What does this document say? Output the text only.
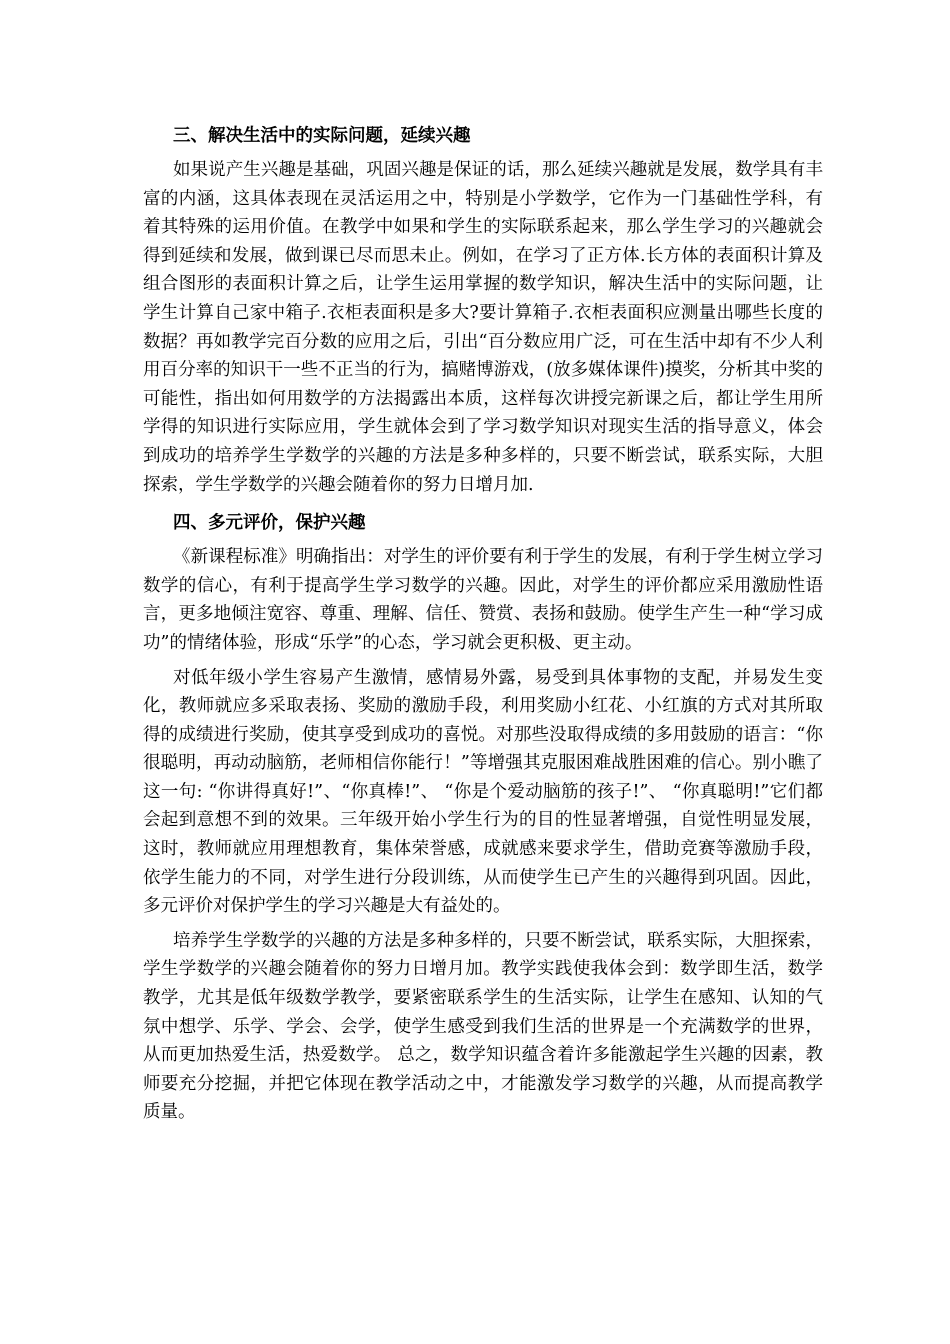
三、解决生活中的实际问题，延续兴趣

如果说产生兴趣是基础，巩固兴趣是保证的话，那么延续兴趣就是发展，数学具有丰富的内涵，这具体表现在灵活运用之中，特别是小学数学，它作为一门基础性学科，有着其特殊的运用价值。在教学中如果和学生的实际联系起来，那么学生学习的兴趣就会得到延续和发展，做到课已尽而思未止。例如，在学习了正方体.长方体的表面积计算及组合图形的表面积计算之后，让学生运用掌握的数学知识，解决生活中的实际问题，让学生计算自己家中箱子.衣柜表面积是多大?要计算箱子.衣柜表面积应测量出哪些长度的数据？再如教学完百分数的应用之后，引出“百分数应用广泛，可在生活中却有不少人利用百分率的知识干一些不正当的行为，搞赌博游戏，(放多媒体课件)摸奖，分析其中奖的可能性，指出如何用数学的方法揭露出本质，这样每次讲授完新课之后，都让学生用所学得的知识进行实际应用，学生就体会到了学习数学知识对现实生活的指导意义，体会到成功的培养学生学数学的兴趣的方法是多种多样的，只要不断尝试，联系实际，大胆探索，学生学数学的兴趣会随着你的努力日增月加.

四、多元评价，保护兴趣

《新课程标准》明确指出：对学生的评价要有利于学生的发展，有利于学生树立学习数学的信心，有利于提高学生学习数学的兴趣。因此，对学生的评价都应采用激励性语言，更多地倾注宽容、尊重、理解、信任、赞赏、表扬和鼓励。使学生产生一种“学习成功”的情绪体验，形成“乐学”的心态，学习就会更积极、更主动。

对低年级小学生容易产生激情，感情易外露，易受到具体事物的支配，并易发生变化，教师就应多采取表扬、奖励的激励手段，利用奖励小红花、小红旗的方式对其所取得的成绩进行奖励，使其享受到成功的喜悦。对那些没取得成绩的多用鼓励的语言：“你很聪明，再动动脑筋，老师相信你能行！”等增强其克服困难战胜困难的信心。别小瞧了这一句: “你讲得真好!”、“你真棒!”、 “你是个爱动脑筋的孩子!”、 “你真聪明!”它们都会起到意想不到的效果。三年级开始小学生行为的目的性显著增强，自觉性明显发展，这时，教师就应用理想教育，集体荣誉感，成就感来要求学生，借助竞赛等激励手段，依学生能力的不同，对学生进行分段训练，从而使学生已产生的兴趣得到巩固。因此，多元评价对保护学生的学习兴趣是大有益处的。

培养学生学数学的兴趣的方法是多种多样的，只要不断尝试，联系实际，大胆探索，学生学数学的兴趣会随着你的努力日增月加。教学实践使我体会到：数学即生活，数学教学，尤其是低年级数学教学，要紧密联系学生的生活实际，让学生在感知、认知的气氛中想学、乐学、学会、会学，使学生感受到我们生活的世界是一个充满数学的世界，从而更加热爱生活，热爱数学。 总之，数学知识蕴含着许多能激起学生兴趣的因素，教师要充分挖掘，并把它体现在教学活动之中，才能激发学习数学的兴趣，从而提高教学质量。
